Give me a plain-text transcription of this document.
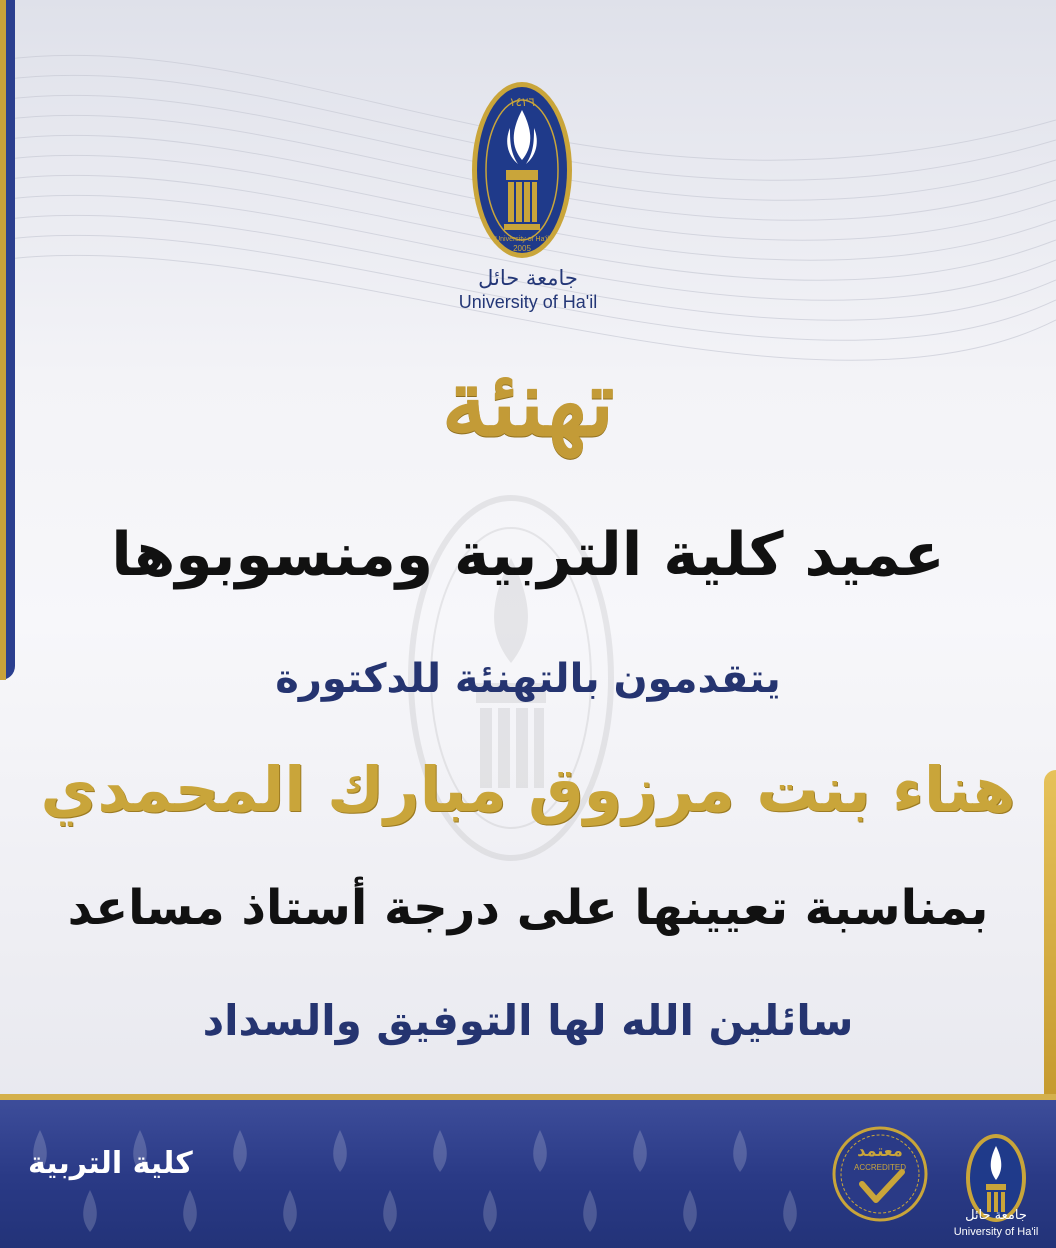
١٤٢٦
University of Ha'il
2005
جامعة حائل
University of Ha'il
تهنئة
عميد كلية التربية ومنسوبوها
يتقدمون بالتهنئة للدكتورة
هناء بنت مرزوق مبارك المحمدي
بمناسبة تعيينها على درجة أستاذ مساعد
سائلين الله لها التوفيق والسداد
كلية التربية	معتمد
ACCREDITED
جامعة حائل
University of Ha'il
